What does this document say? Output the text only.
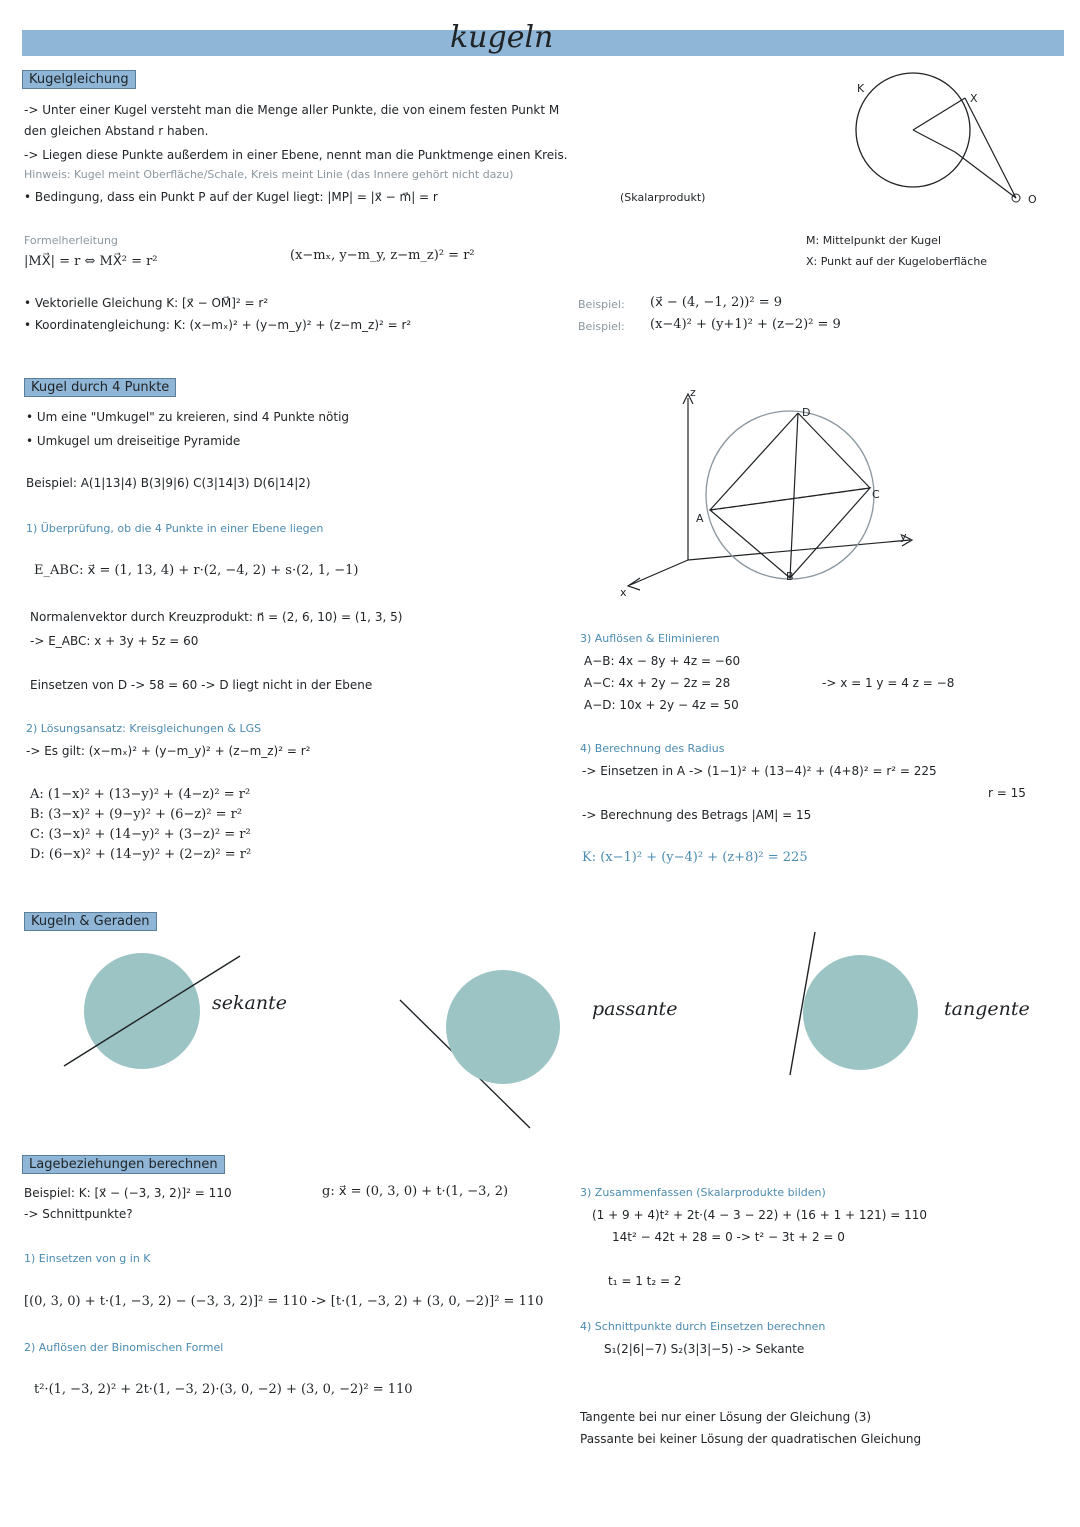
kugeln
Kugelgleichung
-> Unter einer Kugel versteht man die Menge aller Punkte, die von einem festen Punkt M
den gleichen Abstand r haben.
-> Liegen diese Punkte außerdem in einer Ebene, nennt man die Punktmenge einen Kreis.
Hinweis: Kugel meint Oberfläche/Schale, Kreis meint Linie (das Innere gehört nicht dazu)
• Bedingung, dass ein Punkt P auf der Kugel liegt: |MP| = |x⃗ − m⃗| = r	(Skalarprodukt)
Formelherleitung
|MX⃗| = r ⇔ MX⃗² = r²	(x−mₓ, y−m_y, z−m_z)² = r²
• Vektorielle Gleichung K: [x⃗ − OM⃗]² = r²
• Koordinatengleichung: K: (x−mₓ)² + (y−m_y)² + (z−m_z)² = r²
Beispiel: (x⃗ − (4, −1, 2))² = 9
Beispiel: (x−4)² + (y+1)² + (z−2)² = 9
K
X
O
M: Mittelpunkt der Kugel
X: Punkt auf der Kugeloberfläche
Kugel durch 4 Punkte
• Um eine "Umkugel" zu kreieren, sind 4 Punkte nötig
• Umkugel um dreiseitige Pyramide
Beispiel: A(1|13|4) B(3|9|6) C(3|14|3) D(6|14|2)
1) Überprüfung, ob die 4 Punkte in einer Ebene liegen
E_ABC: x⃗ = (1, 13, 4) + r·(2, −4, 2) + s·(2, 1, −1)
Normalenvektor durch Kreuzprodukt: n⃗ = (2, 6, 10) = (1, 3, 5)
-> E_ABC: x + 3y + 5z = 60
Einsetzen von D -> 58 = 60 -> D liegt nicht in der Ebene
2) Lösungsansatz: Kreisgleichungen & LGS
-> Es gilt: (x−mₓ)² + (y−m_y)² + (z−m_z)² = r²
A: (1−x)² + (13−y)² + (4−z)² = r²
B: (3−x)² + (9−y)² + (6−z)² = r²
C: (3−x)² + (14−y)² + (3−z)² = r²
D: (6−x)² + (14−y)² + (2−z)² = r²
z
y
x
A
B
C
D
3) Auflösen & Eliminieren
A−B: 4x − 8y + 4z = −60
A−C: 4x + 2y − 2z = 28
A−D: 10x + 2y − 4z = 50
-> x = 1 y = 4 z = −8
4) Berechnung des Radius
-> Einsetzen in A -> (1−1)² + (13−4)² + (4+8)² = r² = 225
r = 15
-> Berechnung des Betrags |AM| = 15
K: (x−1)² + (y−4)² + (z+8)² = 225
Kugeln & Geraden
sekante	passante	tangente
Lagebeziehungen berechnen
Beispiel: K: [x⃗ − (−3, 3, 2)]² = 110	g: x⃗ = (0, 3, 0) + t·(1, −3, 2)
-> Schnittpunkte?
1) Einsetzen von g in K
[(0, 3, 0) + t·(1, −3, 2) − (−3, 3, 2)]² = 110 -> [t·(1, −3, 2) + (3, 0, −2)]² = 110
2) Auflösen der Binomischen Formel
t²·(1, −3, 2)² + 2t·(1, −3, 2)·(3, 0, −2) + (3, 0, −2)² = 110
3) Zusammenfassen (Skalarprodukte bilden)
(1 + 9 + 4)t² + 2t·(4 − 3 − 22) + (16 + 1 + 121) = 110
14t² − 42t + 28 = 0 -> t² − 3t + 2 = 0
t₁ = 1 t₂ = 2
4) Schnittpunkte durch Einsetzen berechnen
S₁(2|6|−7) S₂(3|3|−5) -> Sekante
Tangente bei nur einer Lösung der Gleichung (3)
Passante bei keiner Lösung der quadratischen Gleichung
